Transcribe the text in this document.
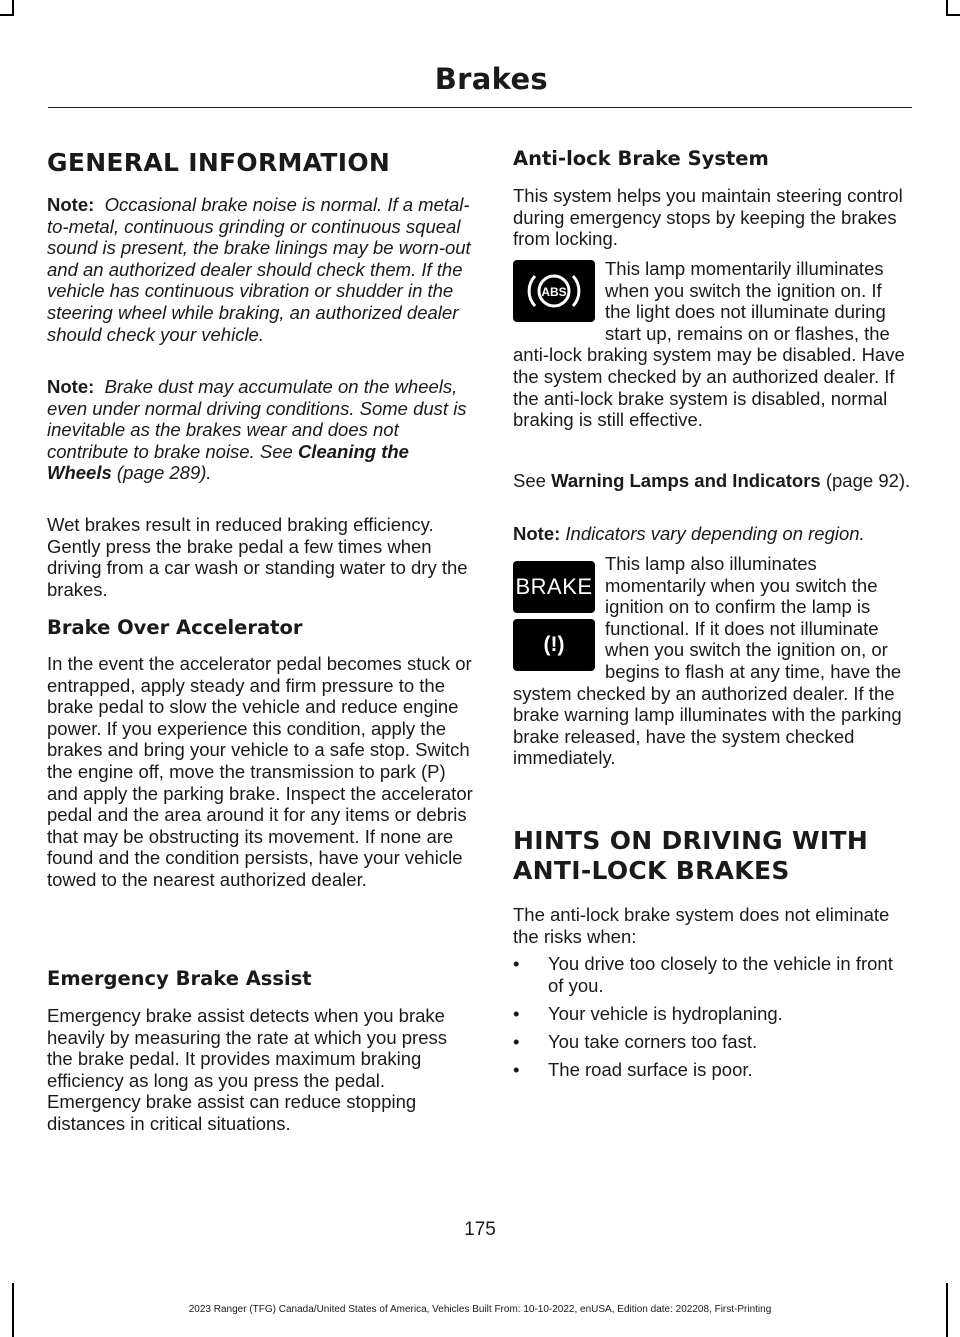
Brakes
GENERAL INFORMATION
Note: Occasional brake noise is normal. If a metal-to-metal, continuous grinding or continuous squeal sound is present, the brake linings may be worn-out and an authorized dealer should check them. If the vehicle has continuous vibration or shudder in the steering wheel while braking, an authorized dealer should check your vehicle.
Note: Brake dust may accumulate on the wheels, even under normal driving conditions. Some dust is inevitable as the brakes wear and does not contribute to brake noise. See Cleaning the Wheels (page 289).
Wet brakes result in reduced braking efficiency. Gently press the brake pedal a few times when driving from a car wash or standing water to dry the brakes.
Brake Over Accelerator
In the event the accelerator pedal becomes stuck or entrapped, apply steady and firm pressure to the brake pedal to slow the vehicle and reduce engine power. If you experience this condition, apply the brakes and bring your vehicle to a safe stop. Switch the engine off, move the transmission to park (P) and apply the parking brake. Inspect the accelerator pedal and the area around it for any items or debris that may be obstructing its movement. If none are found and the condition persists, have your vehicle towed to the nearest authorized dealer.
Emergency Brake Assist
Emergency brake assist detects when you brake heavily by measuring the rate at which you press the brake pedal. It provides maximum braking efficiency as long as you press the pedal. Emergency brake assist can reduce stopping distances in critical situations.
Anti-lock Brake System
This system helps you maintain steering control during emergency stops by keeping the brakes from locking.
ABS
This lamp momentarily illuminates when you switch the ignition on. If the light does not illuminate during start up, remains on or flashes, the anti-lock braking system may be disabled. Have the system checked by an authorized dealer. If the anti-lock brake system is disabled, normal braking is still effective.
See Warning Lamps and Indicators (page 92).
Note: Indicators vary depending on region.
BRAKE
(!)
This lamp also illuminates momentarily when you switch the ignition on to confirm the lamp is functional. If it does not illuminate when you switch the ignition on, or begins to flash at any time, have the system checked by an authorized dealer. If the brake warning lamp illuminates with the parking brake released, have the system checked immediately.
HINTS ON DRIVING WITH
ANTI-LOCK BRAKES
The anti-lock brake system does not eliminate the risks when:
• You drive too closely to the vehicle in front of you.
• Your vehicle is hydroplaning.
• You take corners too fast.
• The road surface is poor.
175
2023 Ranger (TFG) Canada/United States of America, Vehicles Built From: 10-10-2022, enUSA, Edition date: 202208, First-Printing
